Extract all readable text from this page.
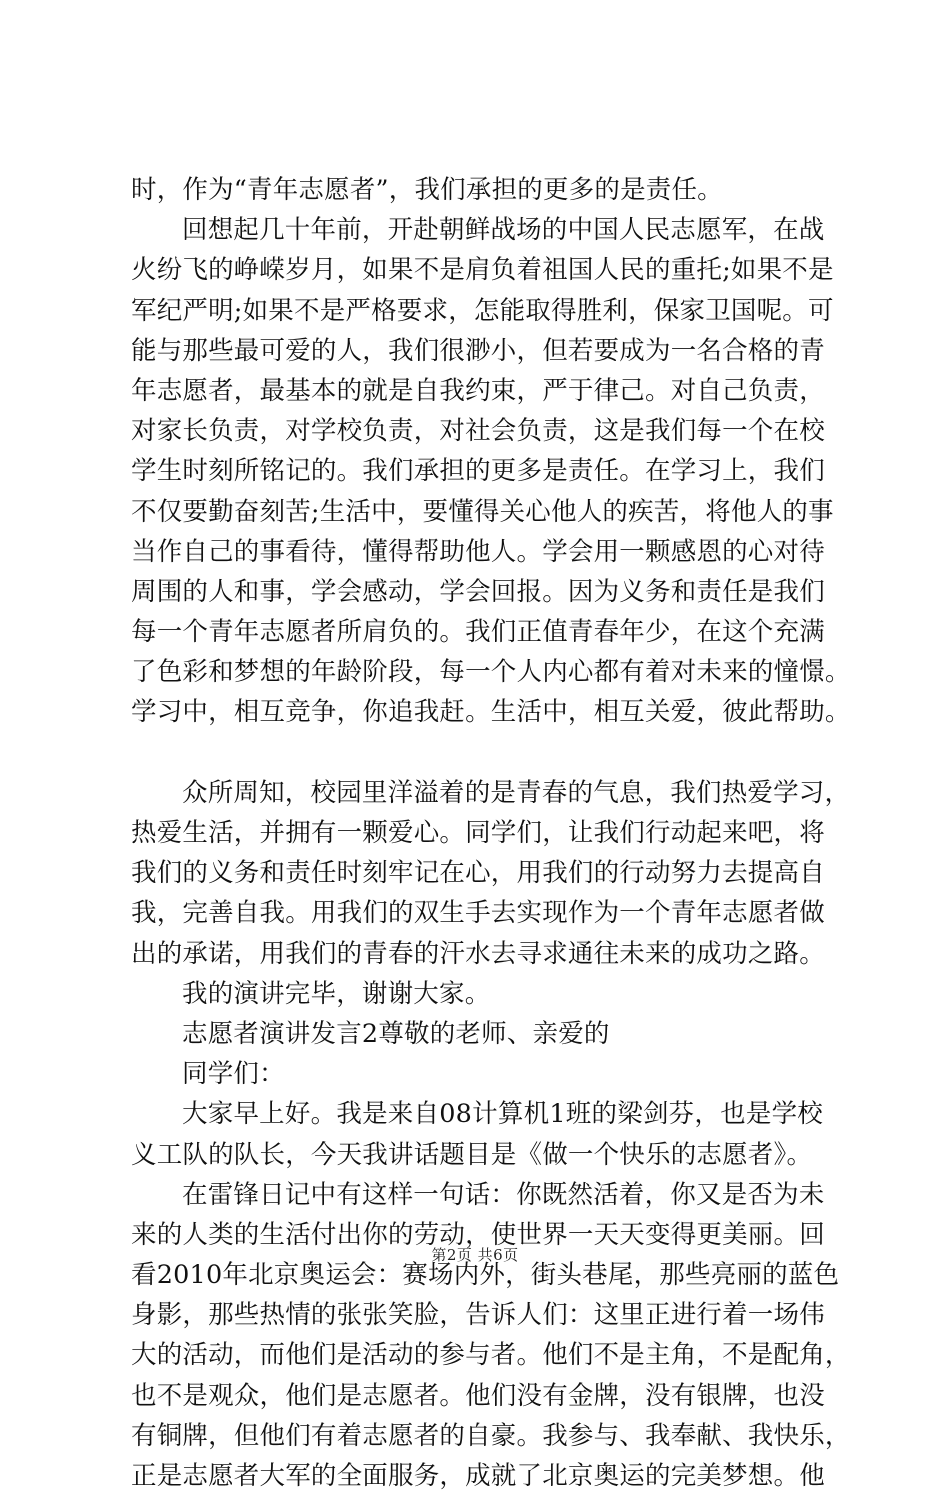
时，作为“青年志愿者”，我们承担的更多的是责任。
回想起几十年前，开赴朝鲜战场的中国人民志愿军，在战
火纷飞的峥嵘岁月，如果不是肩负着祖国人民的重托;如果不是
军纪严明;如果不是严格要求，怎能取得胜利，保家卫国呢。可
能与那些最可爱的人，我们很渺小，但若要成为一名合格的青
年志愿者，最基本的就是自我约束，严于律己。对自己负责，
对家长负责，对学校负责，对社会负责，这是我们每一个在校
学生时刻所铭记的。我们承担的更多是责任。在学习上，我们
不仅要勤奋刻苦;生活中，要懂得关心他人的疾苦，将他人的事
当作自己的事看待，懂得帮助他人。学会用一颗感恩的心对待
周围的人和事，学会感动，学会回报。因为义务和责任是我们
每一个青年志愿者所肩负的。我们正值青春年少，在这个充满
了色彩和梦想的年龄阶段，每一个人内心都有着对未来的憧憬。
学习中，相互竞争，你追我赶。生活中，相互关爱，彼此帮助。
众所周知，校园里洋溢着的是青春的气息，我们热爱学习，
热爱生活，并拥有一颗爱心。同学们，让我们行动起来吧，将
我们的义务和责任时刻牢记在心，用我们的行动努力去提高自
我，完善自我。用我们的双生手去实现作为一个青年志愿者做
出的承诺，用我们的青春的汗水去寻求通往未来的成功之路。
我的演讲完毕，谢谢大家。
志愿者演讲发言2尊敬的老师、亲爱的
同学们：
大家早上好。我是来自08计算机1班的梁剑芬，也是学校
义工队的队长，今天我讲话题目是《做一个快乐的志愿者》。
在雷锋日记中有这样一句话：你既然活着，你又是否为未
来的人类的生活付出你的劳动，使世界一天天变得更美丽。回
看2010年北京奥运会：赛场内外，街头巷尾，那些亮丽的蓝色
身影，那些热情的张张笑脸，告诉人们：这里正进行着一场伟
大的活动，而他们是活动的参与者。他们不是主角，不是配角，
也不是观众，他们是志愿者。他们没有金牌，没有银牌，也没
有铜牌，但他们有着志愿者的自豪。我参与、我奉献、我快乐，
正是志愿者大军的全面服务，成就了北京奥运的完美梦想。他
第2页 共6页
